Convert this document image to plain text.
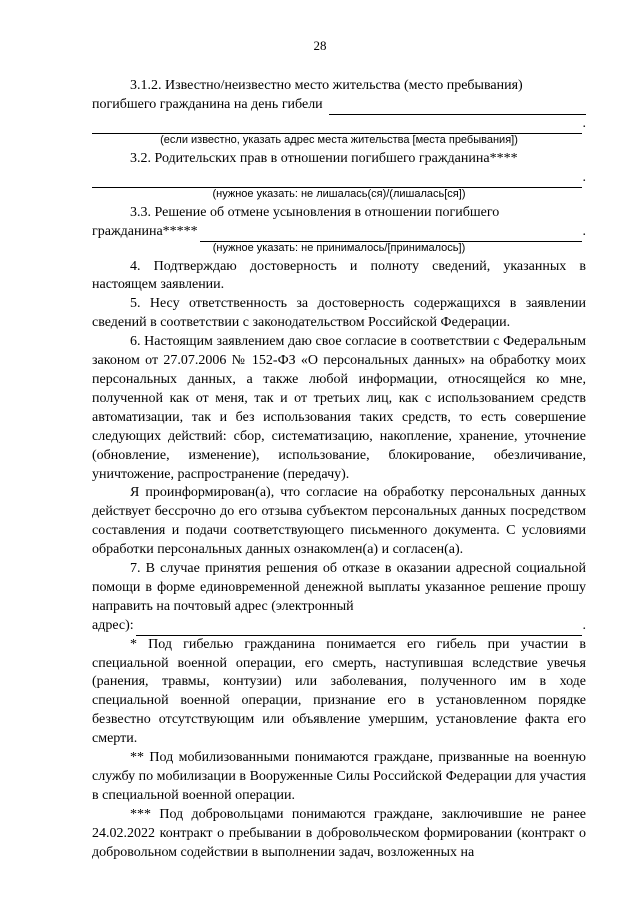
28

3.1.2. Известно/неизвестно место жительства (место пребывания)

погибшего гражданина на день гибели
.
(если известно, указать адрес места жительства [места пребывания])

3.2. Родительских прав в отношении погибшего гражданина****

.
(нужное указать: не лишалась(ся)/(лишалась[ся])

3.3. Решение об отмене усыновления в отношении погибшего

гражданина*****	.
(нужное указать: не принималось/[принималось])

4. Подтверждаю достоверность и полноту сведений, указанных в настоящем заявлении.

5. Несу ответственность за достоверность содержащихся в заявлении сведений в соответствии с законодательством Российской Федерации.

6. Настоящим заявлением даю свое согласие в соответствии с Федеральным законом от 27.07.2006 № 152-ФЗ «О персональных данных» на обработку моих персональных данных, а также любой информации, относящейся ко мне, полученной как от меня, так и от третьих лиц, как с использованием средств автоматизации, так и без использования таких средств, то есть совершение следующих действий: сбор, систематизацию, накопление, хранение, уточнение (обновление, изменение), использование, блокирование, обезличивание, уничтожение, распространение (передачу).

Я проинформирован(а), что согласие на обработку персональных данных действует бессрочно до его отзыва субъектом персональных данных посредством составления и подачи соответствующего письменного документа. С условиями обработки персональных данных ознакомлен(а) и согласен(а).

7. В случае принятия решения об отказе в оказании адресной социальной помощи в форме единовременной денежной выплаты указанное решение прошу направить на почтовый адрес (электронный

адрес):	.

* Под гибелью гражданина понимается его гибель при участии в специальной военной операции, его смерть, наступившая вследствие увечья (ранения, травмы, контузии) или заболевания, полученного им в ходе специальной военной операции, признание его в установленном порядке безвестно отсутствующим или объявление умершим, установление факта его смерти.

** Под мобилизованными понимаются граждане, призванные на военную службу по мобилизации в Вооруженные Силы Российской Федерации для участия в специальной военной операции.

*** Под добровольцами понимаются граждане, заключившие не ранее 24.02.2022 контракт о пребывании в добровольческом формировании (контракт о добровольном содействии в выполнении задач, возложенных на
